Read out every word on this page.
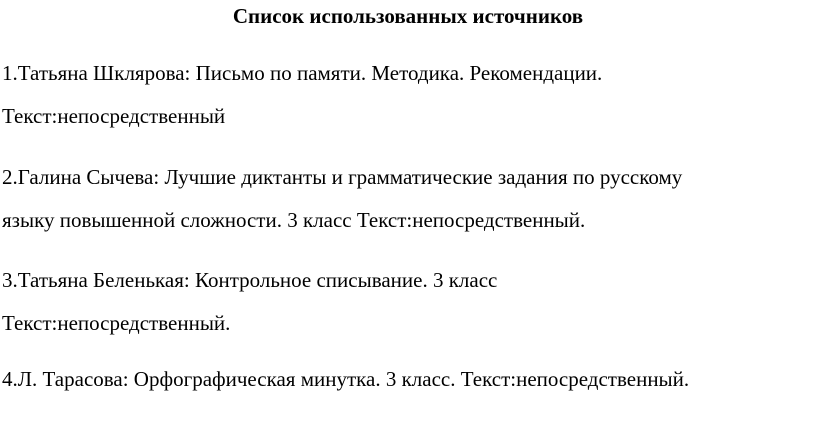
Список использованных источников

1.Татьяна Шклярова: Письмо по памяти. Методика. Рекомендации.
Текст:непосредственный

2.Галина Сычева: Лучшие диктанты и грамматические задания по русскому
языку повышенной сложности. 3 класс Текст:непосредственный.

3.Татьяна Беленькая: Контрольное списывание. 3 класс
Текст:непосредственный.

4.Л. Тарасова: Орфографическая минутка. 3 класс. Текст:непосредственный.
